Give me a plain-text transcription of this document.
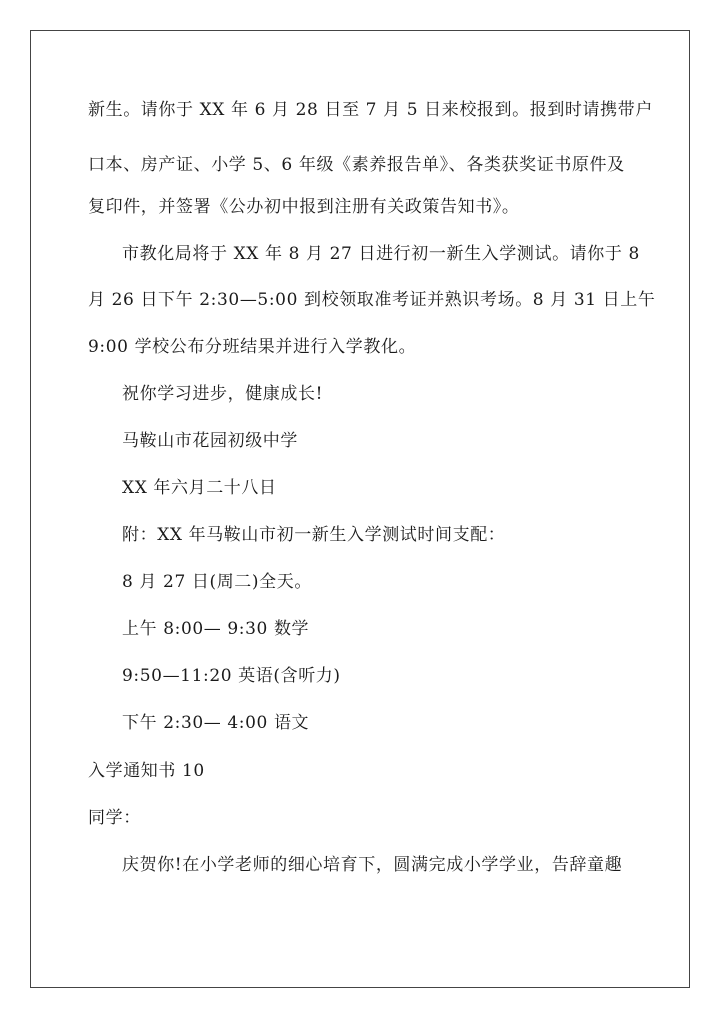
新生。请你于 XX 年 6 月 28 日至 7 月 5 日来校报到。报到时请携带户
口本、房产证、小学 5、6 年级《素养报告单》、各类获奖证书原件及
复印件，并签署《公办初中报到注册有关政策告知书》。
市教化局将于 XX 年 8 月 27 日进行初一新生入学测试。请你于 8
月 26 日下午 2:30—5:00 到校领取准考证并熟识考场。8 月 31 日上午
9:00 学校公布分班结果并进行入学教化。
祝你学习进步，健康成长!
马鞍山市花园初级中学
XX 年六月二十八日
附：XX 年马鞍山市初一新生入学测试时间支配：
8 月 27 日(周二)全天。
上午 8:00— 9:30 数学
9:50—11:20 英语(含听力)
下午 2:30— 4:00 语文
入学通知书 10
同学：
庆贺你!在小学老师的细心培育下，圆满完成小学学业，告辞童趣
